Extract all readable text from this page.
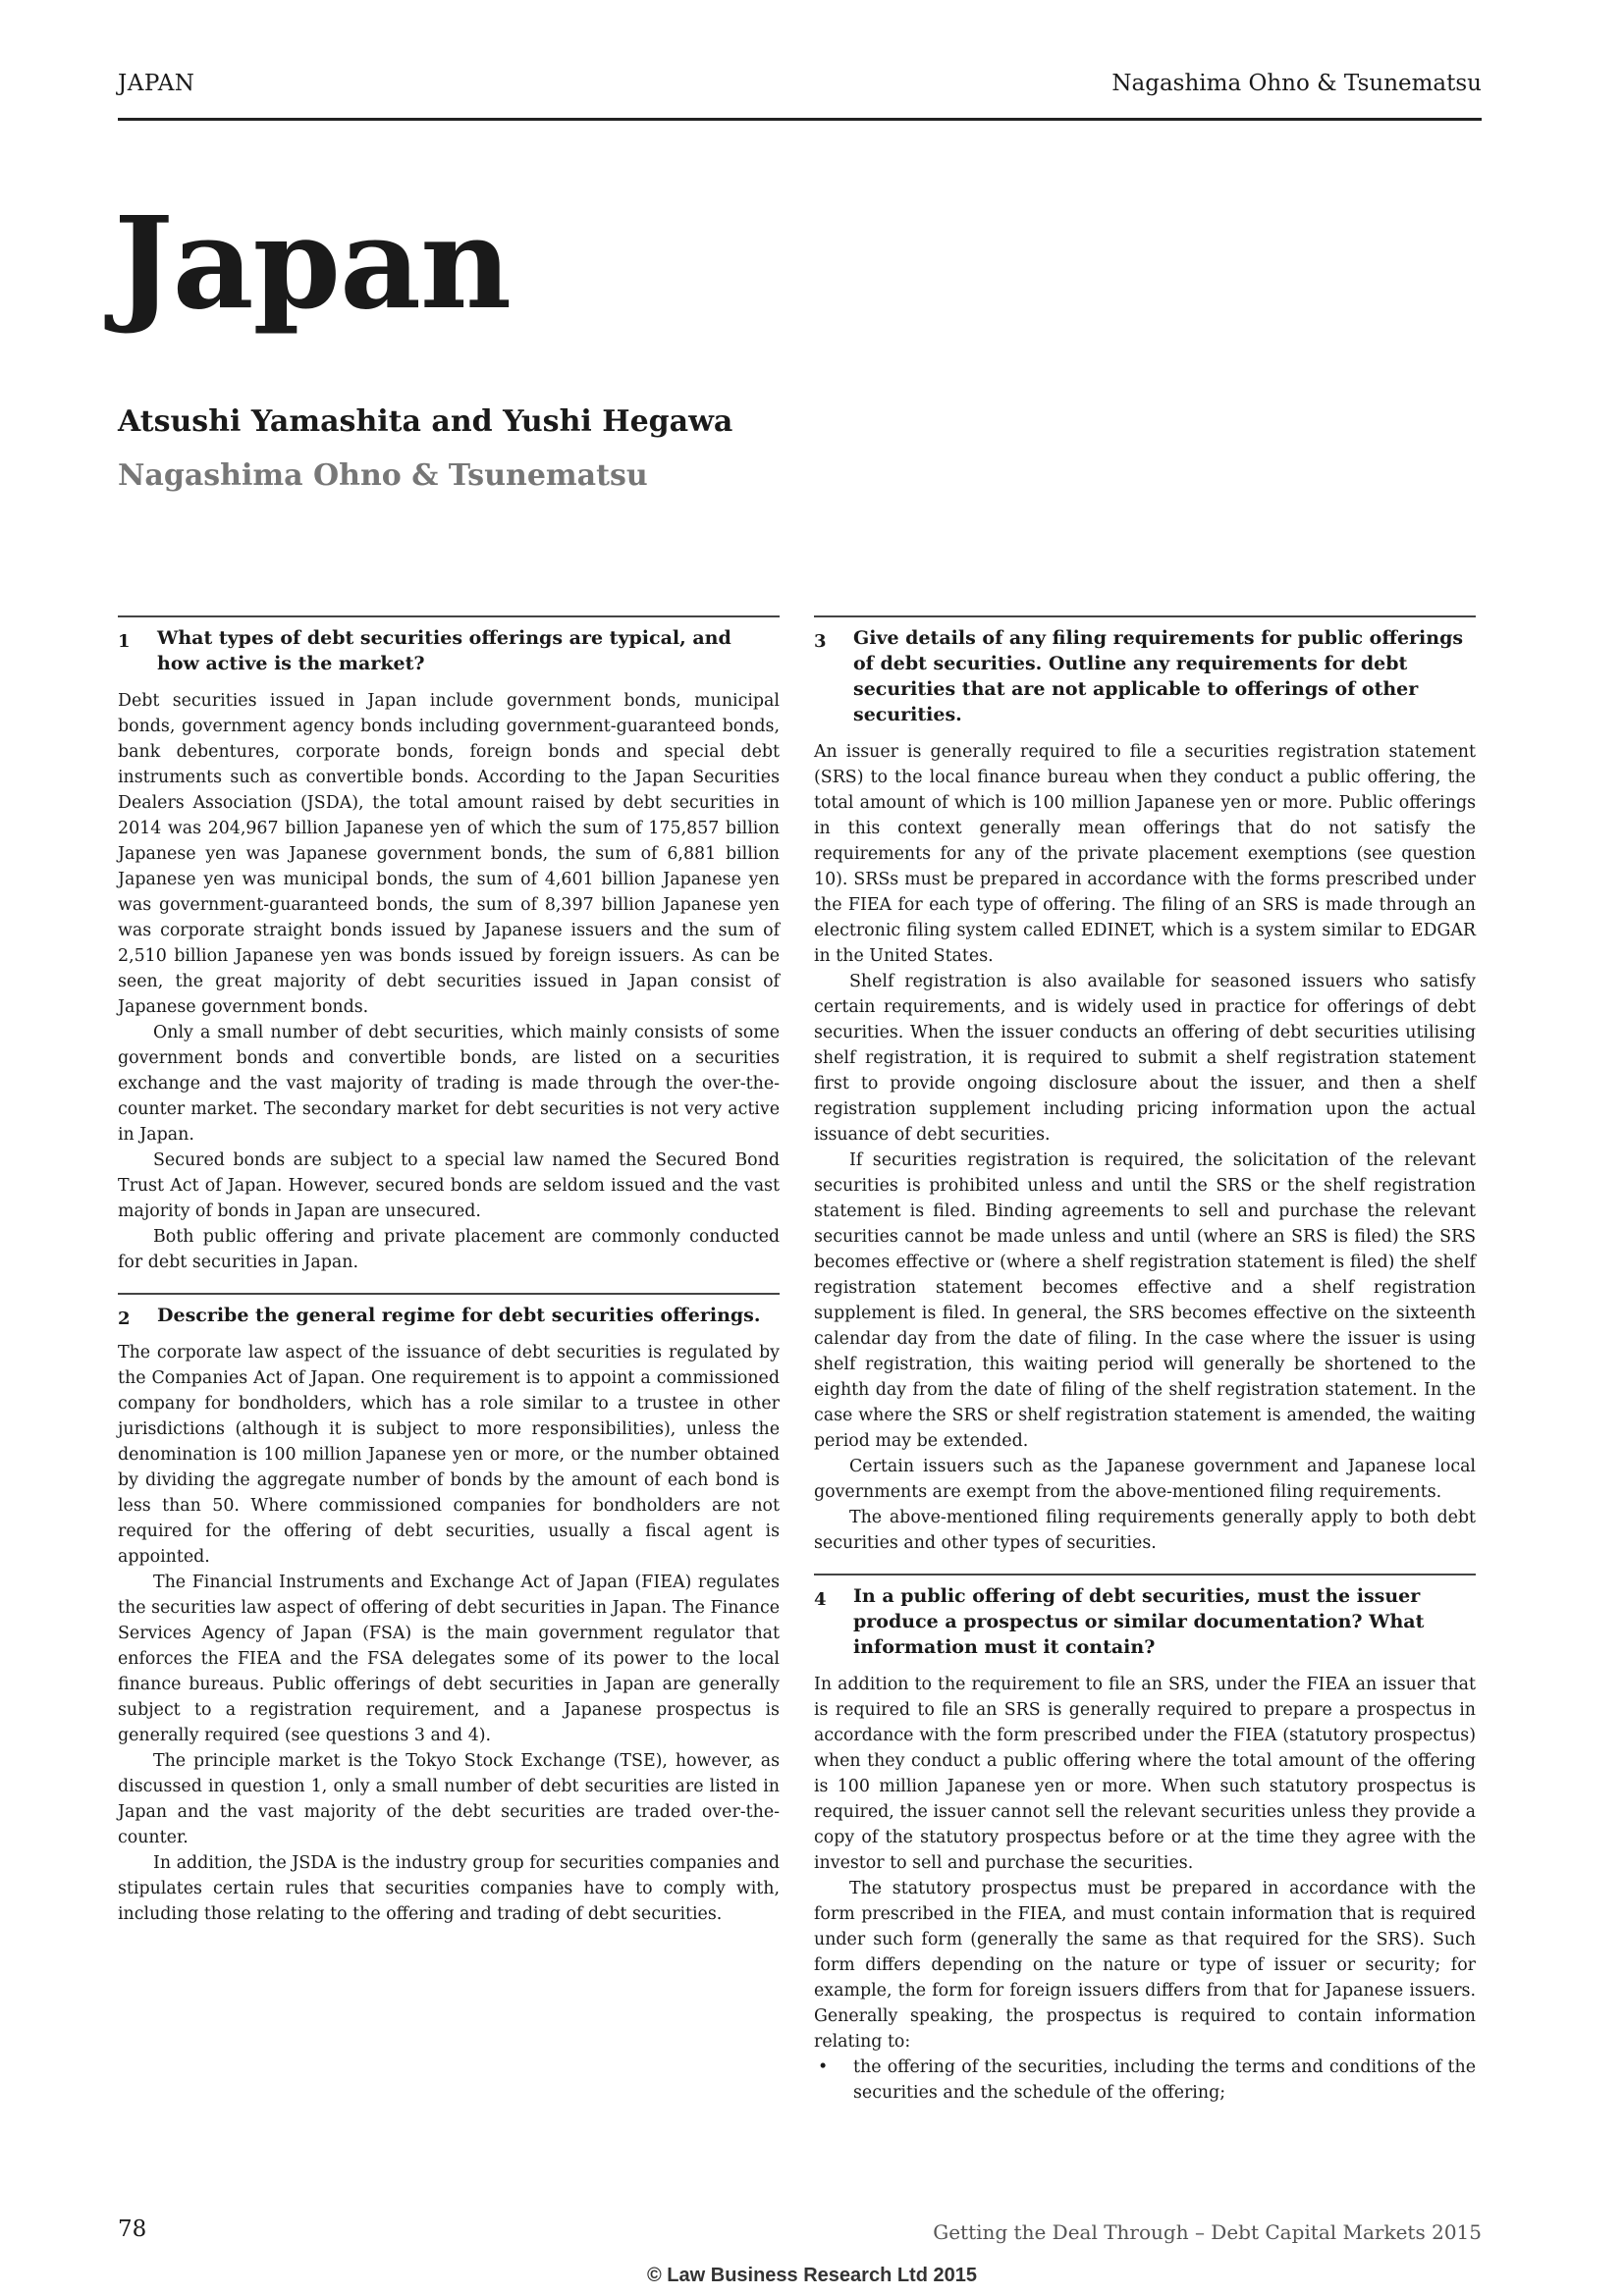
JAPAN	Nagashima Ohno & Tsunematsu
Japan
Atsushi Yamashita and Yushi Hegawa
Nagashima Ohno & Tsunematsu
1 What types of debt securities offerings are typical, and how active is the market?

Debt securities issued in Japan include government bonds, municipal bonds, government agency bonds including government-guaranteed bonds, bank debentures, corporate bonds, foreign bonds and special debt instruments such as convertible bonds. According to the Japan Securities Dealers Association (JSDA), the total amount raised by debt securities in 2014 was 204,967 billion Japanese yen of which the sum of 175,857 billion Japanese yen was Japanese government bonds, the sum of 6,881 billion Japanese yen was municipal bonds, the sum of 4,601 billion Japanese yen was government-guaranteed bonds, the sum of 8,397 billion Japanese yen was corporate straight bonds issued by Japanese issuers and the sum of 2,510 billion Japanese yen was bonds issued by foreign issuers. As can be seen, the great majority of debt securities issued in Japan consist of Japanese government bonds.

Only a small number of debt securities, which mainly consists of some government bonds and convertible bonds, are listed on a securities exchange and the vast majority of trading is made through the over-the-counter market. The secondary market for debt securities is not very active in Japan.

Secured bonds are subject to a special law named the Secured Bond Trust Act of Japan. However, secured bonds are seldom issued and the vast majority of bonds in Japan are unsecured.

Both public offering and private placement are commonly conducted for debt securities in Japan.

2 Describe the general regime for debt securities offerings.

The corporate law aspect of the issuance of debt securities is regulated by the Companies Act of Japan. One requirement is to appoint a commissioned company for bondholders, which has a role similar to a trustee in other jurisdictions (although it is subject to more responsibilities), unless the denomination is 100 million Japanese yen or more, or the number obtained by dividing the aggregate number of bonds by the amount of each bond is less than 50. Where commissioned companies for bondholders are not required for the offering of debt securities, usually a fiscal agent is appointed.

The Financial Instruments and Exchange Act of Japan (FIEA) regulates the securities law aspect of offering of debt securities in Japan. The Finance Services Agency of Japan (FSA) is the main government regulator that enforces the FIEA and the FSA delegates some of its power to the local finance bureaus. Public offerings of debt securities in Japan are generally subject to a registration requirement, and a Japanese prospectus is generally required (see questions 3 and 4).

The principle market is the Tokyo Stock Exchange (TSE), however, as discussed in question 1, only a small number of debt securities are listed in Japan and the vast majority of the debt securities are traded over-the-counter.

In addition, the JSDA is the industry group for securities companies and stipulates certain rules that securities companies have to comply with, including those relating to the offering and trading of debt securities.

3 Give details of any filing requirements for public offerings of debt securities. Outline any requirements for debt securities that are not applicable to offerings of other securities.

An issuer is generally required to file a securities registration statement (SRS) to the local finance bureau when they conduct a public offering, the total amount of which is 100 million Japanese yen or more. Public offerings in this context generally mean offerings that do not satisfy the requirements for any of the private placement exemptions (see question 10). SRSs must be prepared in accordance with the forms prescribed under the FIEA for each type of offering. The filing of an SRS is made through an electronic filing system called EDINET, which is a system similar to EDGAR in the United States.

Shelf registration is also available for seasoned issuers who satisfy certain requirements, and is widely used in practice for offerings of debt securities. When the issuer conducts an offering of debt securities utilising shelf registration, it is required to submit a shelf registration statement first to provide ongoing disclosure about the issuer, and then a shelf registration supplement including pricing information upon the actual issuance of debt securities.

If securities registration is required, the solicitation of the relevant securities is prohibited unless and until the SRS or the shelf registration statement is filed. Binding agreements to sell and purchase the relevant securities cannot be made unless and until (where an SRS is filed) the SRS becomes effective or (where a shelf registration statement is filed) the shelf registration statement becomes effective and a shelf registration supplement is filed. In general, the SRS becomes effective on the sixteenth calendar day from the date of filing. In the case where the issuer is using shelf registration, this waiting period will generally be shortened to the eighth day from the date of filing of the shelf registration statement. In the case where the SRS or shelf registration statement is amended, the waiting period may be extended.

Certain issuers such as the Japanese government and Japanese local governments are exempt from the above-mentioned filing requirements.

The above-mentioned filing requirements generally apply to both debt securities and other types of securities.

4 In a public offering of debt securities, must the issuer produce a prospectus or similar documentation? What information must it contain?

In addition to the requirement to file an SRS, under the FIEA an issuer that is required to file an SRS is generally required to prepare a prospectus in accordance with the form prescribed under the FIEA (statutory prospectus) when they conduct a public offering where the total amount of the offering is 100 million Japanese yen or more. When such statutory prospectus is required, the issuer cannot sell the relevant securities unless they provide a copy of the statutory prospectus before or at the time they agree with the investor to sell and purchase the securities.

The statutory prospectus must be prepared in accordance with the form prescribed in the FIEA, and must contain information that is required under such form (generally the same as that required for the SRS). Such form differs depending on the nature or type of issuer or security; for example, the form for foreign issuers differs from that for Japanese issuers. Generally speaking, the prospectus is required to contain information relating to:

• the offering of the securities, including the terms and conditions of the securities and the schedule of the offering;
78	Getting the Deal Through – Debt Capital Markets 2015
© Law Business Research Ltd 2015
